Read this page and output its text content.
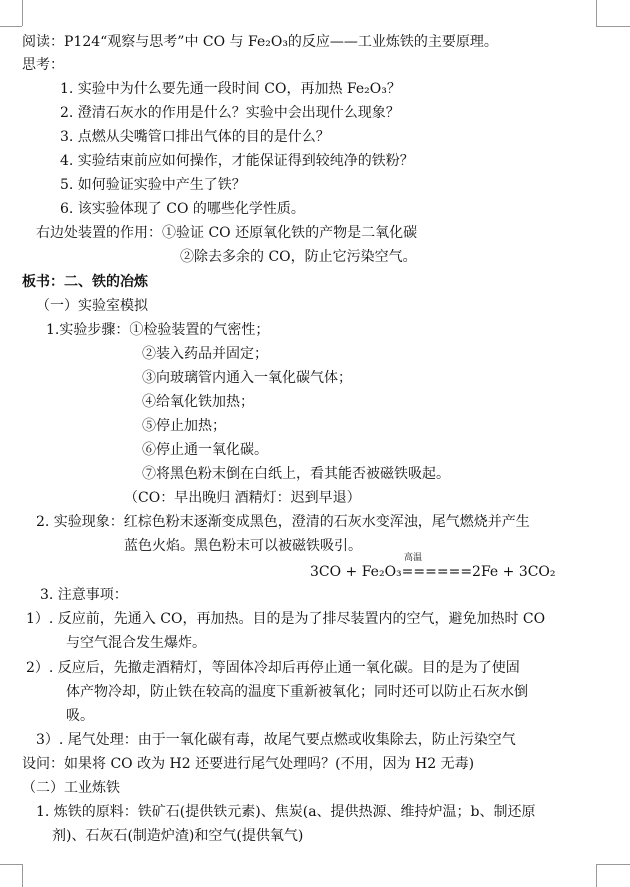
阅读：P124“观察与思考”中 CO 与 Fe₂O₃的反应——工业炼铁的主要原理。
思考：
1. 实验中为什么要先通一段时间 CO，再加热 Fe₂O₃？
2. 澄清石灰水的作用是什么？实验中会出现什么现象？
3. 点燃从尖嘴管口排出气体的目的是什么？
4. 实验结束前应如何操作，才能保证得到较纯净的铁粉？
5. 如何验证实验中产生了铁？
6. 该实验体现了 CO 的哪些化学性质。
右边处装置的作用：①验证 CO 还原氧化铁的产物是二氧化碳
②除去多余的 CO，防止它污染空气。
板书：二、铁的冶炼
（一）实验室模拟
1.实验步骤：①检验装置的气密性；
②装入药品并固定；
③向玻璃管内通入一氧化碳气体；
④给氧化铁加热；
⑤停止加热；
⑥停止通一氧化碳。
⑦将黑色粉末倒在白纸上，看其能否被磁铁吸起。
（CO：早出晚归 酒精灯：迟到早退）
2. 实验现象：红棕色粉末逐渐变成黑色，澄清的石灰水变浑浊，尾气燃烧并产生
蓝色火焰。黑色粉末可以被磁铁吸引。
高温
3CO + Fe₂O₃======2Fe + 3CO₂
3. 注意事项：
1）. 反应前，先通入 CO，再加热。目的是为了排尽装置内的空气，避免加热时 CO
与空气混合发生爆炸。
2）. 反应后，先撤走酒精灯，等固体冷却后再停止通一氧化碳。目的是为了使固
体产物冷却，防止铁在较高的温度下重新被氧化；同时还可以防止石灰水倒
吸。
3）. 尾气处理：由于一氧化碳有毒，故尾气要点燃或收集除去，防止污染空气
设问：如果将 CO 改为 H2 还要进行尾气处理吗？(不用，因为 H2 无毒)
（二）工业炼铁
1. 炼铁的原料：铁矿石(提供铁元素)、焦炭(a、提供热源、维持炉温；b、制还原
剂)、石灰石(制造炉渣)和空气(提供氧气)
